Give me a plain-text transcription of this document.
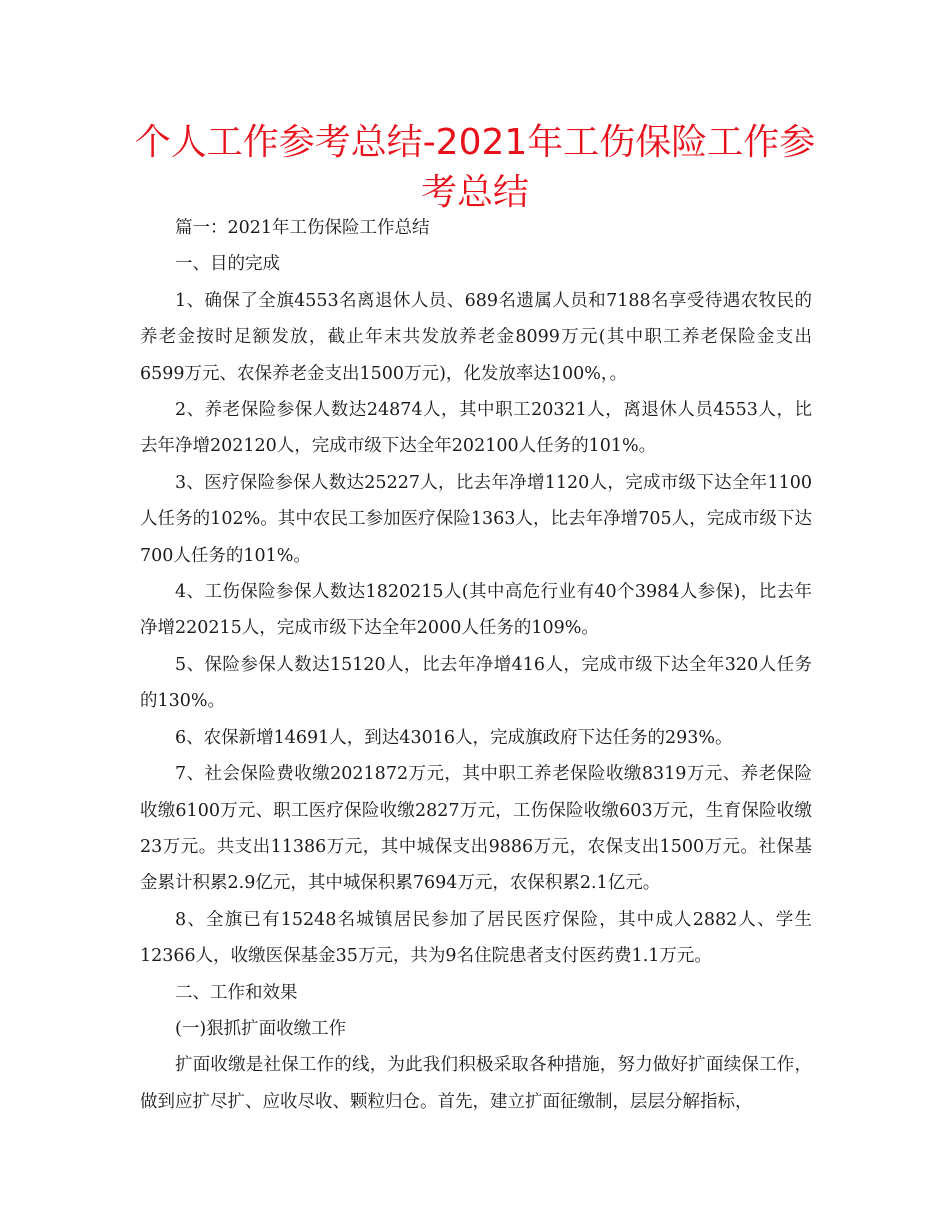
个人工作参考总结-2021年工伤保险工作参考总结

篇一：2021年工伤保险工作总结

一、目的完成

1、确保了全旗4553名离退休人员、689名遗属人员和7188名享受待遇农牧民的养老金按时足额发放，截止年末共发放养老金8099万元(其中职工养老保险金支出6599万元、农保养老金支出1500万元)，化发放率达100%，。

2、养老保险参保人数达24874人，其中职工20321人，离退休人员4553人，比去年净增202120人，完成市级下达全年202100人任务的101%。

3、医疗保险参保人数达25227人，比去年净增1120人，完成市级下达全年1100人任务的102%。其中农民工参加医疗保险1363人，比去年净增705人，完成市级下达700人任务的101%。

4、工伤保险参保人数达1820215人(其中高危行业有40个3984人参保)，比去年净增220215人，完成市级下达全年2000人任务的109%。

5、保险参保人数达15120人，比去年净增416人，完成市级下达全年320人任务的130%。

6、农保新增14691人，到达43016人，完成旗政府下达任务的293%。

7、社会保险费收缴2021872万元，其中职工养老保险收缴8319万元、养老保险收缴6100万元、职工医疗保险收缴2827万元，工伤保险收缴603万元，生育保险收缴23万元。共支出11386万元，其中城保支出9886万元，农保支出1500万元。社保基金累计积累2.9亿元，其中城保积累7694万元，农保积累2.1亿元。

8、全旗已有15248名城镇居民参加了居民医疗保险，其中成人2882人、学生12366人，收缴医保基金35万元，共为9名住院患者支付医药费1.1万元。

二、工作和效果

(一)狠抓扩面收缴工作

扩面收缴是社保工作的线，为此我们积极采取各种措施，努力做好扩面续保工作，做到应扩尽扩、应收尽收、颗粒归仓。首先，建立扩面征缴制，层层分解指标，
